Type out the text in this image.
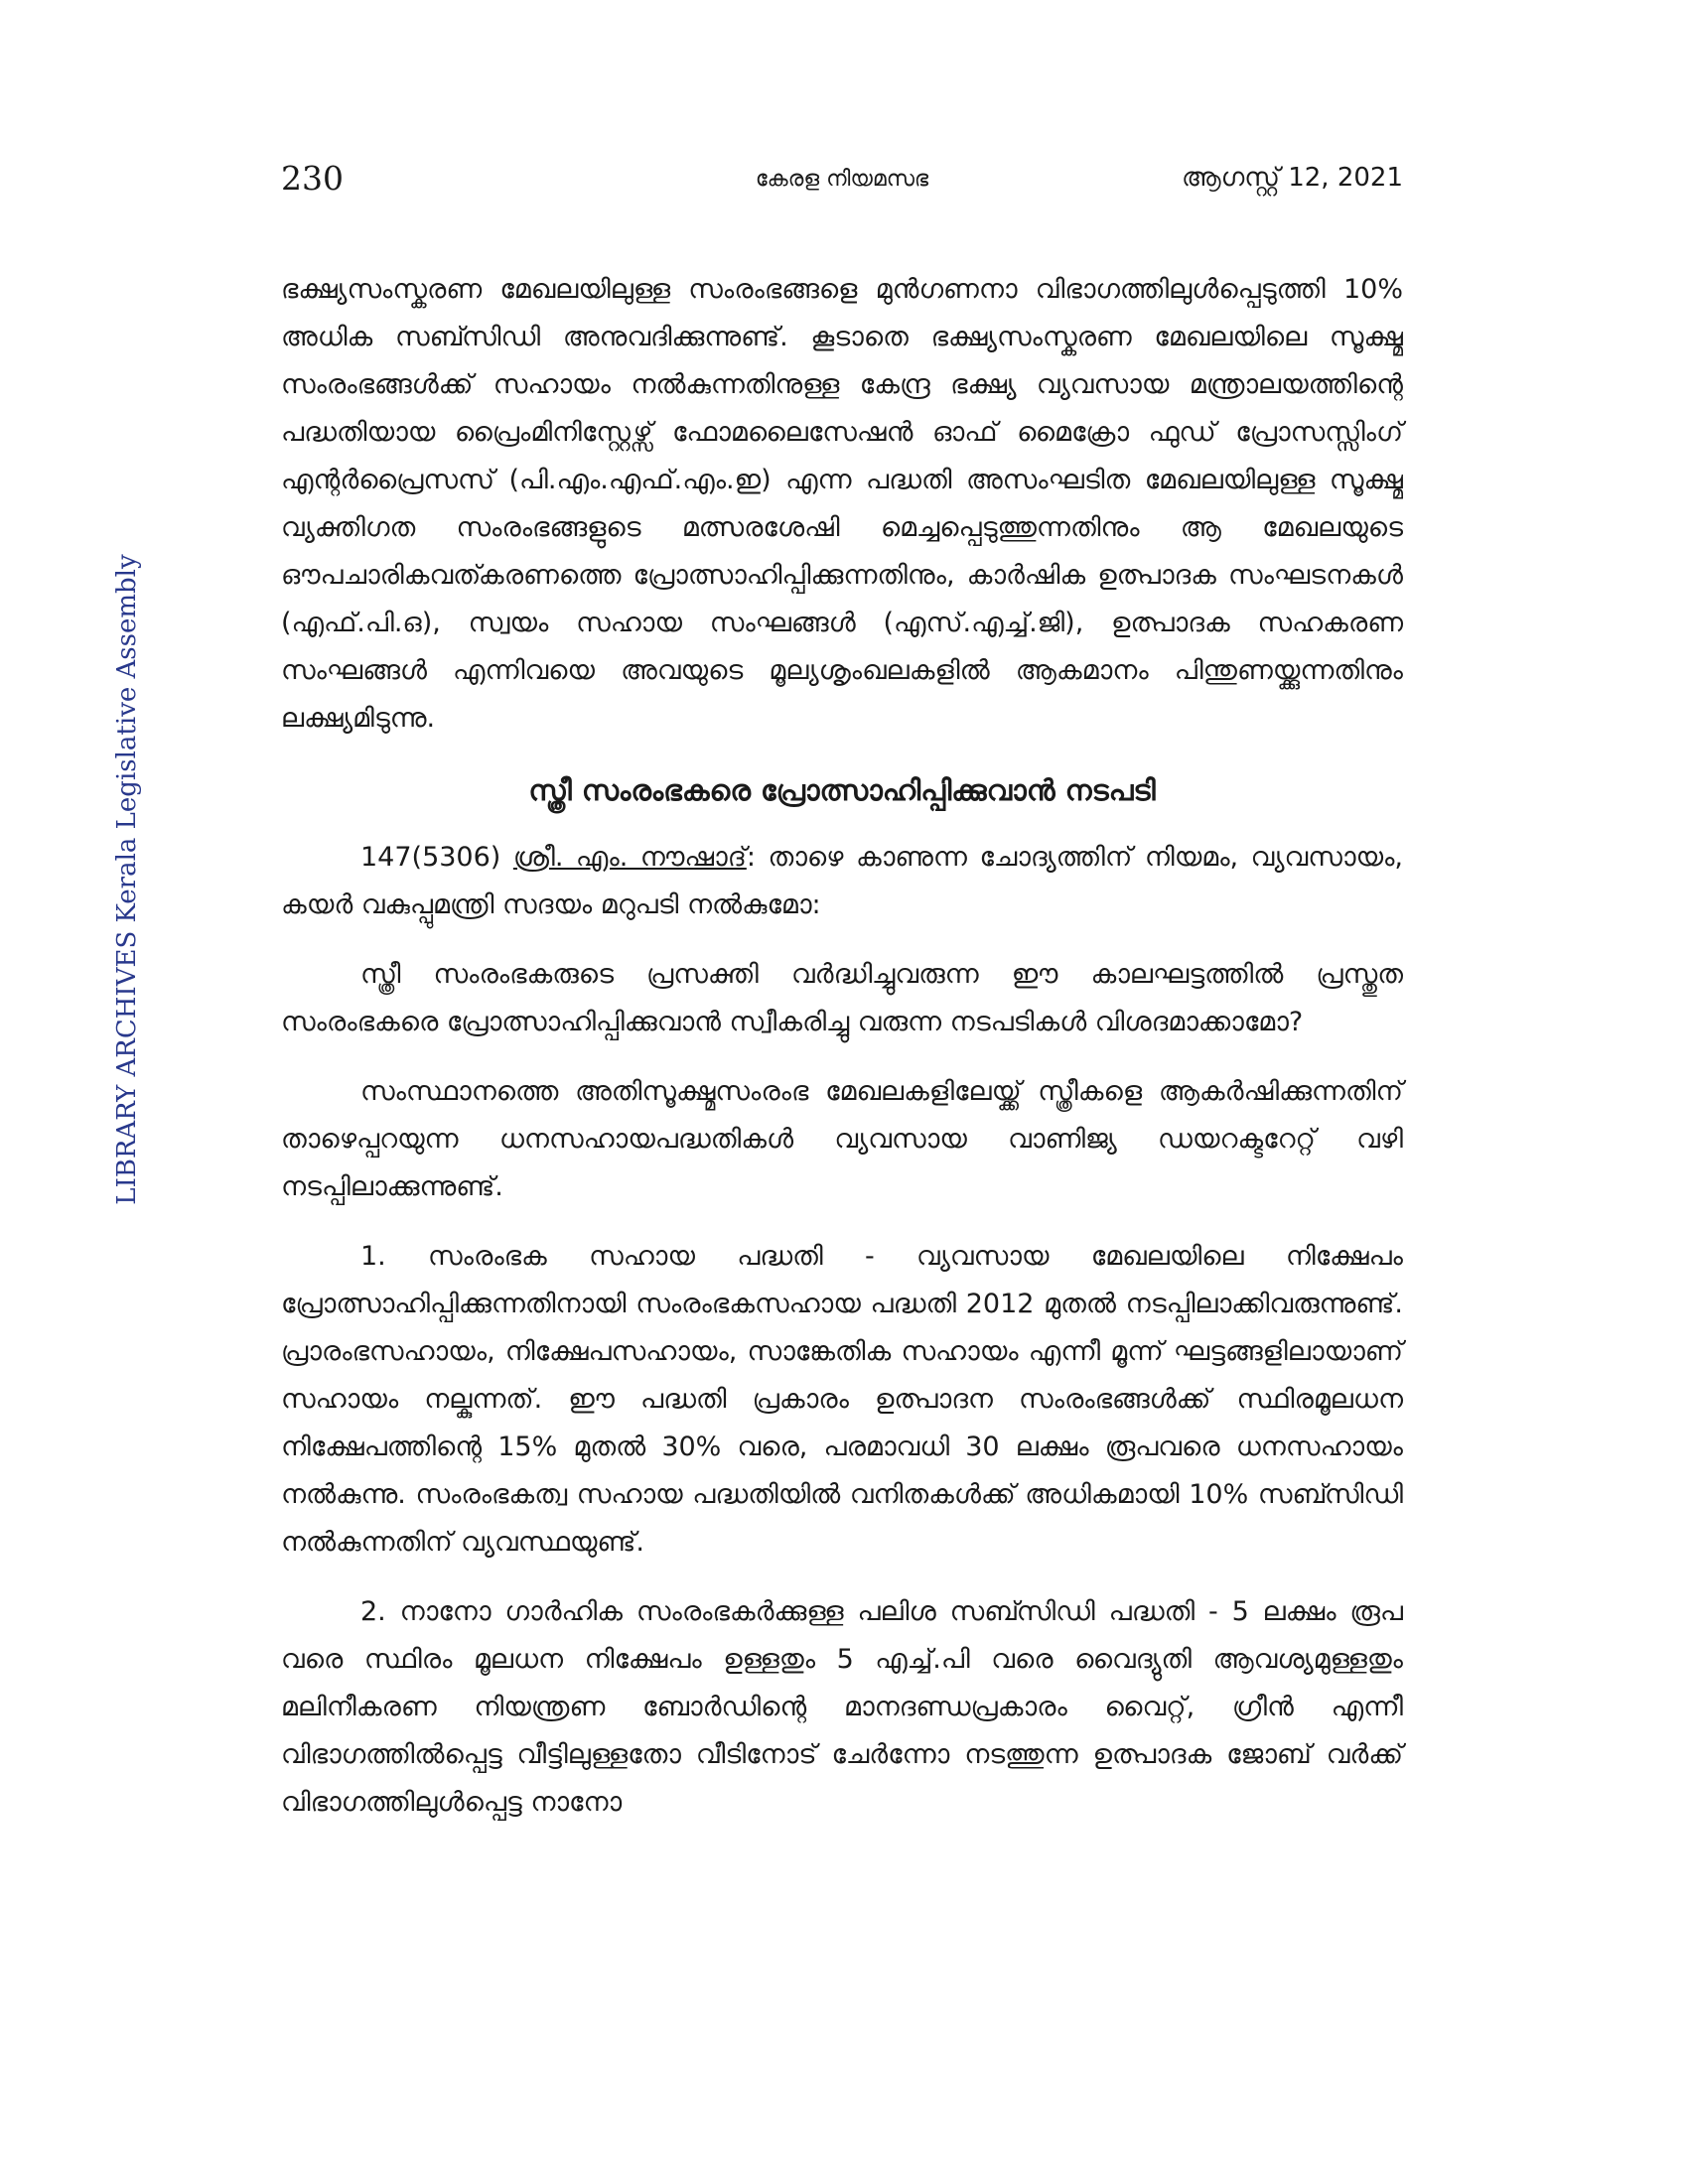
230	കേരള നിയമസഭ	ആഗസ്റ്റ് 12, 2021
LIBRARY ARCHIVES Kerala Legislative Assembly

ഭക്ഷ്യസംസ്കരണ മേഖലയിലുള്ള സംരംഭങ്ങളെ മുൻഗണനാ വിഭാഗത്തിലുൾപ്പെടുത്തി 10% അധിക സബ്സിഡി അനുവദിക്കുന്നുണ്ട്. കൂടാതെ ഭക്ഷ്യസംസ്കരണ മേഖലയിലെ സൂക്ഷ്മ സംരംഭങ്ങൾക്ക് സഹായം നൽകുന്നതിനുള്ള കേന്ദ്ര ഭക്ഷ്യ വ്യവസായ മന്ത്രാലയത്തിന്റെ പദ്ധതിയായ പ്രൈംമിനിസ്റ്റേഴ്സ് ഫോമലൈസേഷൻ ഓഫ് മൈക്രോ ഫുഡ് പ്രോസസ്സിംഗ് എന്റർപ്രൈസസ് (പി.എം.എഫ്.എം.ഇ) എന്ന പദ്ധതി അസംഘടിത മേഖലയിലുള്ള സൂക്ഷ്മ വ്യക്തിഗത സംരംഭങ്ങളുടെ മത്സരശേഷി മെച്ചപ്പെടുത്തുന്നതിനും ആ മേഖലയുടെ ഔപചാരികവത്കരണത്തെ പ്രോത്സാഹിപ്പിക്കുന്നതിനും, കാർഷിക ഉത്പാദക സംഘടനകൾ (എഫ്.പി.ഒ), സ്വയം സഹായ സംഘങ്ങൾ (എസ്.എച്ച്.ജി), ഉത്പാദക സഹകരണ സംഘങ്ങൾ എന്നിവയെ അവയുടെ മൂല്യശൃംഖലകളിൽ ആകമാനം പിന്തുണയ്ക്കുന്നതിനും ലക്ഷ്യമിടുന്നു.

സ്ത്രീ സംരംഭകരെ പ്രോത്സാഹിപ്പിക്കുവാൻ നടപടി

147(5306) ശ്രീ. എം. നൗഷാദ്: താഴെ കാണുന്ന ചോദ്യത്തിന് നിയമം, വ്യവസായം, കയർ വകുപ്പുമന്ത്രി സദയം മറുപടി നൽകുമോ:

സ്ത്രീ സംരംഭകരുടെ പ്രസക്തി വർദ്ധിച്ചുവരുന്ന ഈ കാലഘട്ടത്തിൽ പ്രസ്തുത സംരംഭകരെ പ്രോത്സാഹിപ്പിക്കുവാൻ സ്വീകരിച്ചു വരുന്ന നടപടികൾ വിശദമാക്കാമോ?

സംസ്ഥാനത്തെ അതിസൂക്ഷ്മസംരംഭ മേഖലകളിലേയ്ക്ക് സ്ത്രീകളെ ആകർഷിക്കുന്നതിന് താഴെപ്പറയുന്ന ധനസഹായപദ്ധതികൾ വ്യവസായ വാണിജ്യ ഡയറക്ടറേറ്റ് വഴി നടപ്പിലാക്കുന്നുണ്ട്.

1. സംരംഭക സഹായ പദ്ധതി - വ്യവസായ മേഖലയിലെ നിക്ഷേപം പ്രോത്സാഹിപ്പിക്കുന്നതിനായി സംരംഭകസഹായ പദ്ധതി 2012 മുതൽ നടപ്പിലാക്കിവരുന്നുണ്ട്. പ്രാരംഭസഹായം, നിക്ഷേപസഹായം, സാങ്കേതിക സഹായം എന്നീ മൂന്ന് ഘട്ടങ്ങളിലായാണ് സഹായം നല്കുന്നത്. ഈ പദ്ധതി പ്രകാരം ഉത്പാദന സംരംഭങ്ങൾക്ക് സ്ഥിരമൂലധന നിക്ഷേപത്തിന്റെ 15% മുതൽ 30% വരെ, പരമാവധി 30 ലക്ഷം രൂപവരെ ധനസഹായം നൽകുന്നു. സംരംഭകത്വ സഹായ പദ്ധതിയിൽ വനിതകൾക്ക് അധികമായി 10% സബ്സിഡി നൽകുന്നതിന് വ്യവസ്ഥയുണ്ട്.

2. നാനോ ഗാർഹിക സംരംഭകർക്കുള്ള പലിശ സബ്സിഡി പദ്ധതി - 5 ലക്ഷം രൂപ വരെ സ്ഥിരം മൂലധന നിക്ഷേപം ഉള്ളതും 5 എച്ച്.പി വരെ വൈദ്യുതി ആവശ്യമുള്ളതും മലിനീകരണ നിയന്ത്രണ ബോർഡിന്റെ മാനദണ്ഡപ്രകാരം വൈറ്റ്, ഗ്രീൻ എന്നീ വിഭാഗത്തിൽപ്പെട്ട വീട്ടിലുള്ളതോ വീടിനോട് ചേർന്നോ നടത്തുന്ന ഉത്പാദക ജോബ് വർക്ക് വിഭാഗത്തിലുൾപ്പെട്ട നാനോ
